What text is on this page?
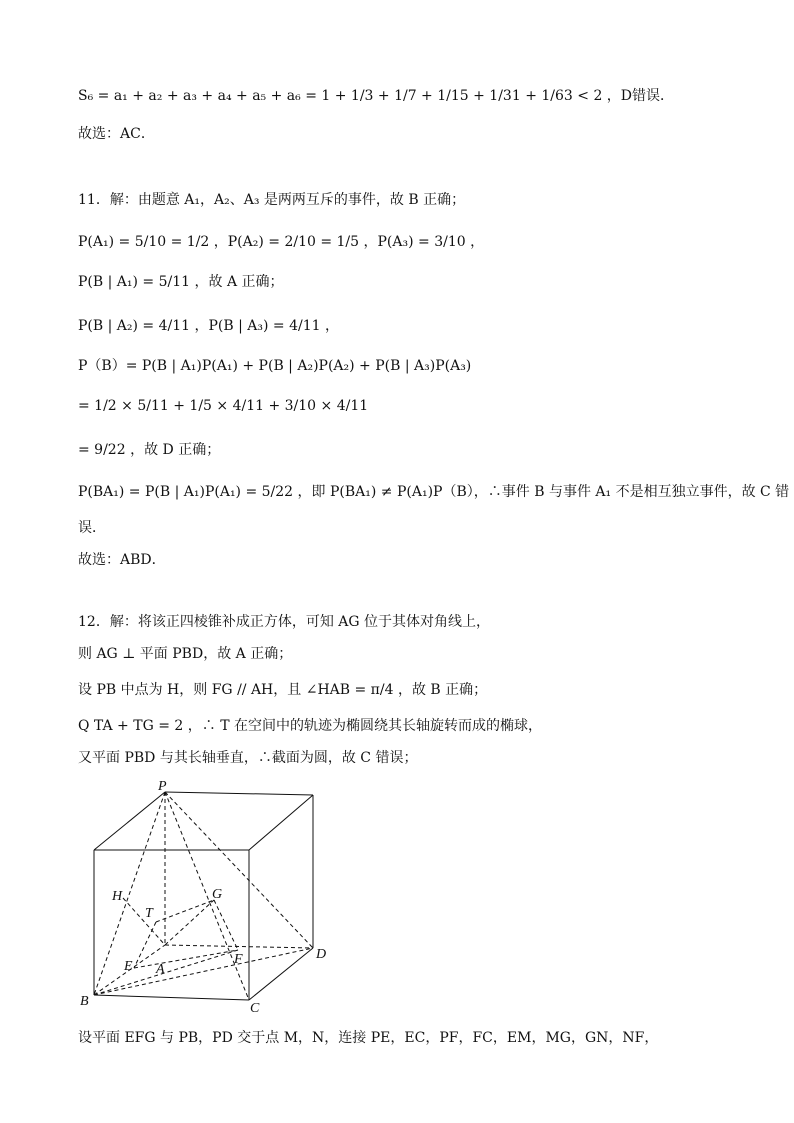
S₆ = a₁ + a₂ + a₃ + a₄ + a₅ + a₆ = 1 + 1/3 + 1/7 + 1/15 + 1/31 + 1/63 < 2 ，D错误．
故选：AC．
11．解：由题意 A₁，A₂、A₃ 是两两互斥的事件，故 B 正确；
P(A₁) = 5/10 = 1/2 ，P(A₂) = 2/10 = 1/5 ，P(A₃) = 3/10 ，
P(B | A₁) = 5/11 ，故 A 正确；
P(B | A₂) = 4/11 ，P(B | A₃) = 4/11 ，
P（B）= P(B | A₁)P(A₁) + P(B | A₂)P(A₂) + P(B | A₃)P(A₃)
= 1/2 × 5/11 + 1/5 × 4/11 + 3/10 × 4/11
= 9/22 ，故 D 正确；
P(BA₁) = P(B | A₁)P(A₁) = 5/22 ，即 P(BA₁) ≠ P(A₁)P（B），∴事件 B 与事件 A₁ 不是相互独立事件，故 C 错
误．
故选：ABD．
12．解：将该正四棱锥补成正方体，可知 AG 位于其体对角线上，
则 AG ⊥ 平面 PBD，故 A 正确；
设 PB 中点为 H，则 FG // AH，且 ∠HAB = π/4 ，故 B 正确；
Q TA + TG = 2 ，∴ T 在空间中的轨迹为椭圆绕其长轴旋转而成的椭球，
又平面 PBD 与其长轴垂直，∴截面为圆，故 C 错误；
P
H	G
T
E A
F	D
B	C
设平面 EFG 与 PB，PD 交于点 M，N，连接 PE，EC，PF，FC，EM，MG，GN，NF，
